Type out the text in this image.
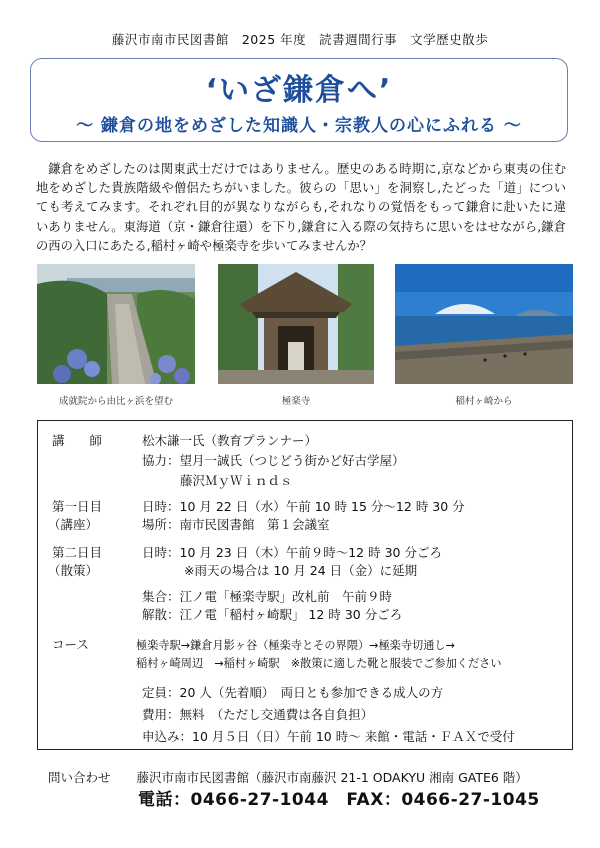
藤沢市南市民図書館　2025 年度　読書週間行事　文学歴史散歩
‘いざ鎌倉へ’
～ 鎌倉の地をめざした知識人・宗教人の心にふれる ～
鎌倉をめざしたのは関東武士だけではありません。歴史のある時期に,京などから東夷の住む地をめざした貴族階級や僧侶たちがいました。彼らの「思い」を洞察し,たどった「道」についても考えてみます。それぞれ目的が異なりながらも,それなりの覚悟をもって鎌倉に赴いたに違いありません。東海道（京・鎌倉往還）を下り,鎌倉に入る際の気持ちに思いをはせながら,鎌倉の西の入口にあたる,稲村ヶ崎や極楽寺を歩いてみませんか？
成就院から由比ヶ浜を望む	極楽寺	稲村ヶ崎から
講　　師	松木謙一氏（教育プランナー）
協力：望月一誠氏（つじどう街かど好古学屋）
藤沢ＭｙＷｉｎｄｓ
第一日目
（講座）
日時：10 月 22 日（水）午前 10 時 15 分～12 時 30 分
場所：南市民図書館　第１会議室
第二日目
（散策）
日時：10 月 23 日（木）午前９時～12 時 30 分ごろ
※雨天の場合は 10 月 24 日（金）に延期
集合：江ノ電「極楽寺駅」改札前　午前９時
解散：江ノ電「稲村ヶ崎駅」 12 時 30 分ごろ
コース	極楽寺駅→鎌倉月影ヶ谷（極楽寺とその界隈）→極楽寺切通し→
稲村ヶ崎周辺　→稲村ヶ崎駅　※散策に適した靴と服装でご参加ください
定員：20 人（先着順）　両日とも参加できる成人の方
費用：無料　（ただし交通費は各自負担）
申込み：10 月５日（日）午前 10 時～ 来館・電話・ＦＡＸで受付
問い合わせ 藤沢市南市民図書館（藤沢市南藤沢 21-1 ODAKYU 湘南 GATE6 階）
電話：0466-27-1044　FAX：0466-27-1045
